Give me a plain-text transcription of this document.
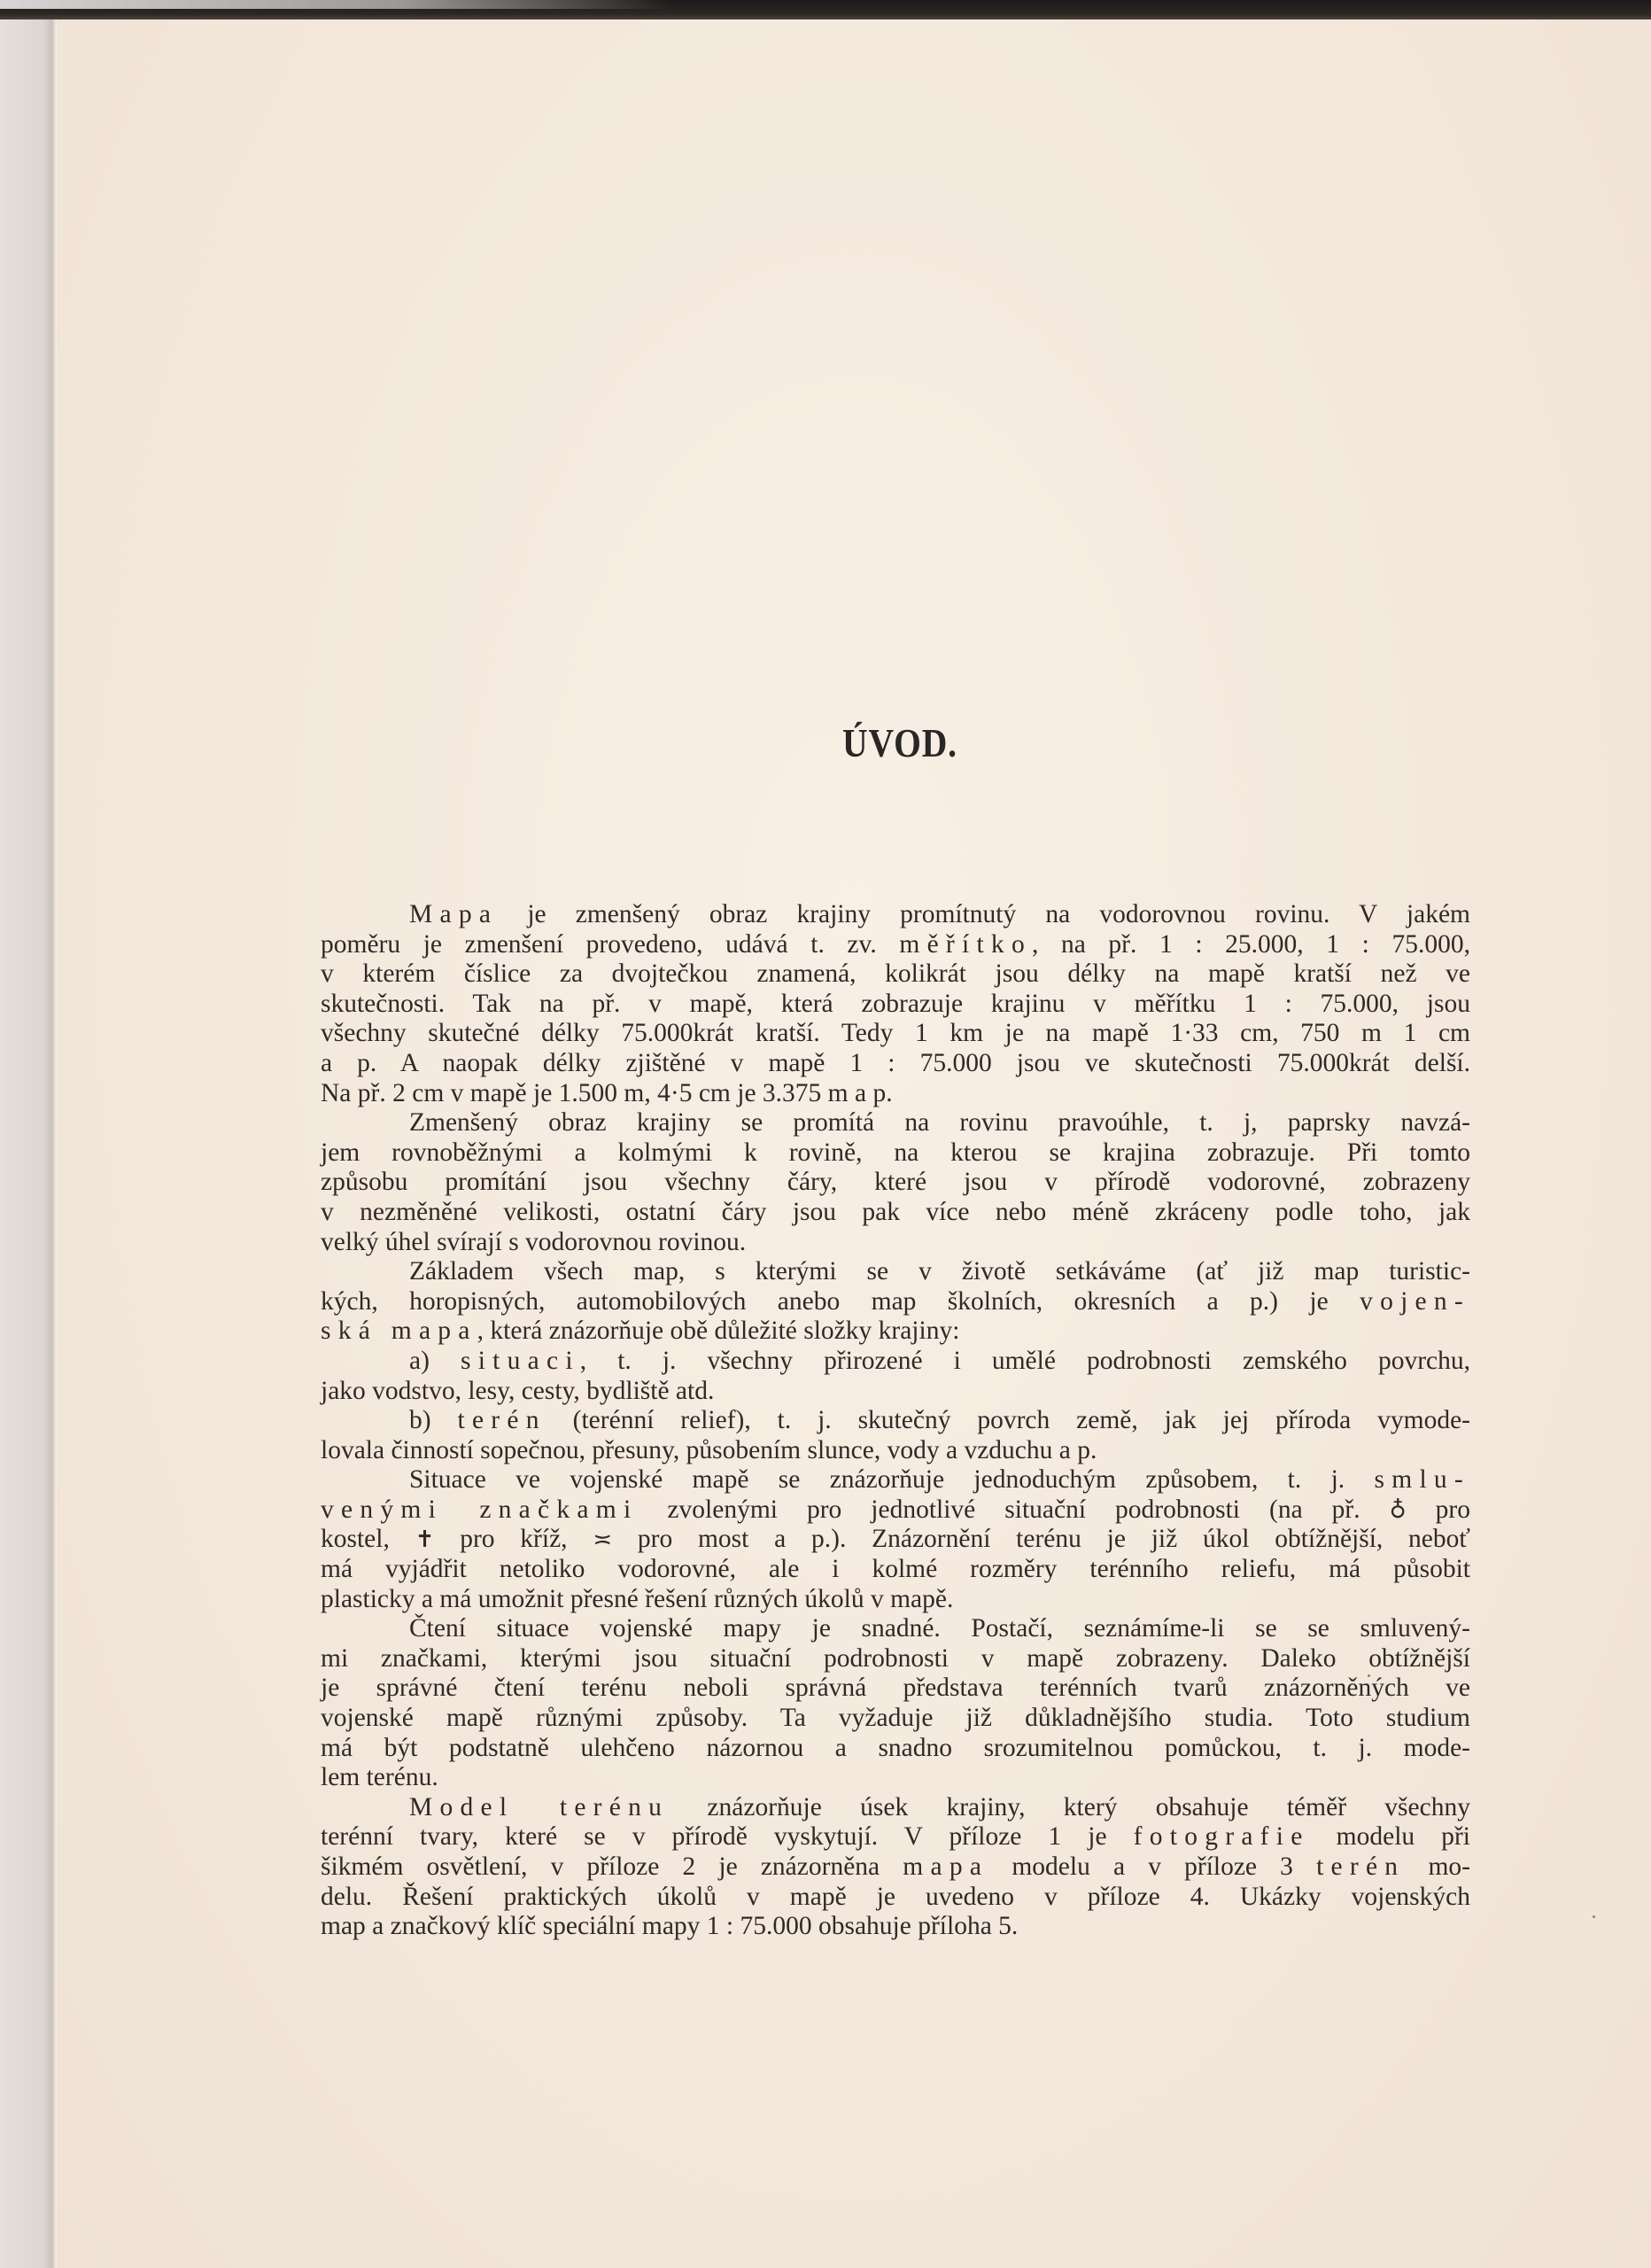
ÚVOD.
Mapa je zmenšený obraz krajiny promítnutý na vodorovnou rovinu. V jakém
poměru je zmenšení provedeno, udává t. zv. měřítko, na př. 1 : 25.000, 1 : 75.000,
v kterém číslice za dvojtečkou znamená, kolikrát jsou délky na mapě kratší než ve
skutečnosti. Tak na př. v mapě, která zobrazuje krajinu v měřítku 1 : 75.000, jsou
všechny skutečné délky 75.000krát kratší. Tedy 1 km je na mapě 1·33 cm, 750 m 1 cm
a p. A naopak délky zjištěné v mapě 1 : 75.000 jsou ve skutečnosti 75.000krát delší.
Na př. 2 cm v mapě je 1.500 m, 4·5 cm je 3.375 m a p.
Zmenšený obraz krajiny se promítá na rovinu pravoúhle, t. j, paprsky navzá-
jem rovnoběžnými a kolmými k rovině, na kterou se krajina zobrazuje. Při tomto
způsobu promítání jsou všechny čáry, které jsou v přírodě vodorovné, zobrazeny
v nezměněné velikosti, ostatní čáry jsou pak více nebo méně zkráceny podle toho, jak
velký úhel svírají s vodorovnou rovinou.
Základem všech map, s kterými se v životě setkáváme (ať již map turistic-
kých, horopisných, automobilových anebo map školních, okresních a p.) je vojen-
ská mapa, která znázorňuje obě důležité složky krajiny:
a) situaci, t. j. všechny přirozené i umělé podrobnosti zemského povrchu,
jako vodstvo, lesy, cesty, bydliště atd.
b) terén (terénní relief), t. j. skutečný povrch země, jak jej příroda vymode-
lovala činností sopečnou, přesuny, působením slunce, vody a vzduchu a p.
Situace ve vojenské mapě se znázorňuje jednoduchým způsobem, t. j. smlu-
venými značkami zvolenými pro jednotlivé situační podrobnosti (na př. ♁ pro
kostel, ✝ pro kříž, ≍ pro most a p.). Znázornění terénu je již úkol obtížnější, neboť
má vyjádřit netoliko vodorovné, ale i kolmé rozměry terénního reliefu, má působit
plasticky a má umožnit přesné řešení různých úkolů v mapě.
Čtení situace vojenské mapy je snadné. Postačí, seznámíme-li se se smluvený-
mi značkami, kterými jsou situační podrobnosti v mapě zobrazeny. Daleko obtížnější
je správné čtení terénu neboli správná představa terénních tvarů znázorněných ve
vojenské mapě různými způsoby. Ta vyžaduje již důkladnějšího studia. Toto studium
má být podstatně ulehčeno názornou a snadno srozumitelnou pomůckou, t. j. mode-
lem terénu.
Model terénu znázorňuje úsek krajiny, který obsahuje téměř všechny
terénní tvary, které se v přírodě vyskytují. V příloze 1 je fotografie modelu při
šikmém osvětlení, v příloze 2 je znázorněna mapa modelu a v příloze 3 terén mo-
delu. Řešení praktických úkolů v mapě je uvedeno v příloze 4. Ukázky vojenských
map a značkový klíč speciální mapy 1 : 75.000 obsahuje příloha 5.
